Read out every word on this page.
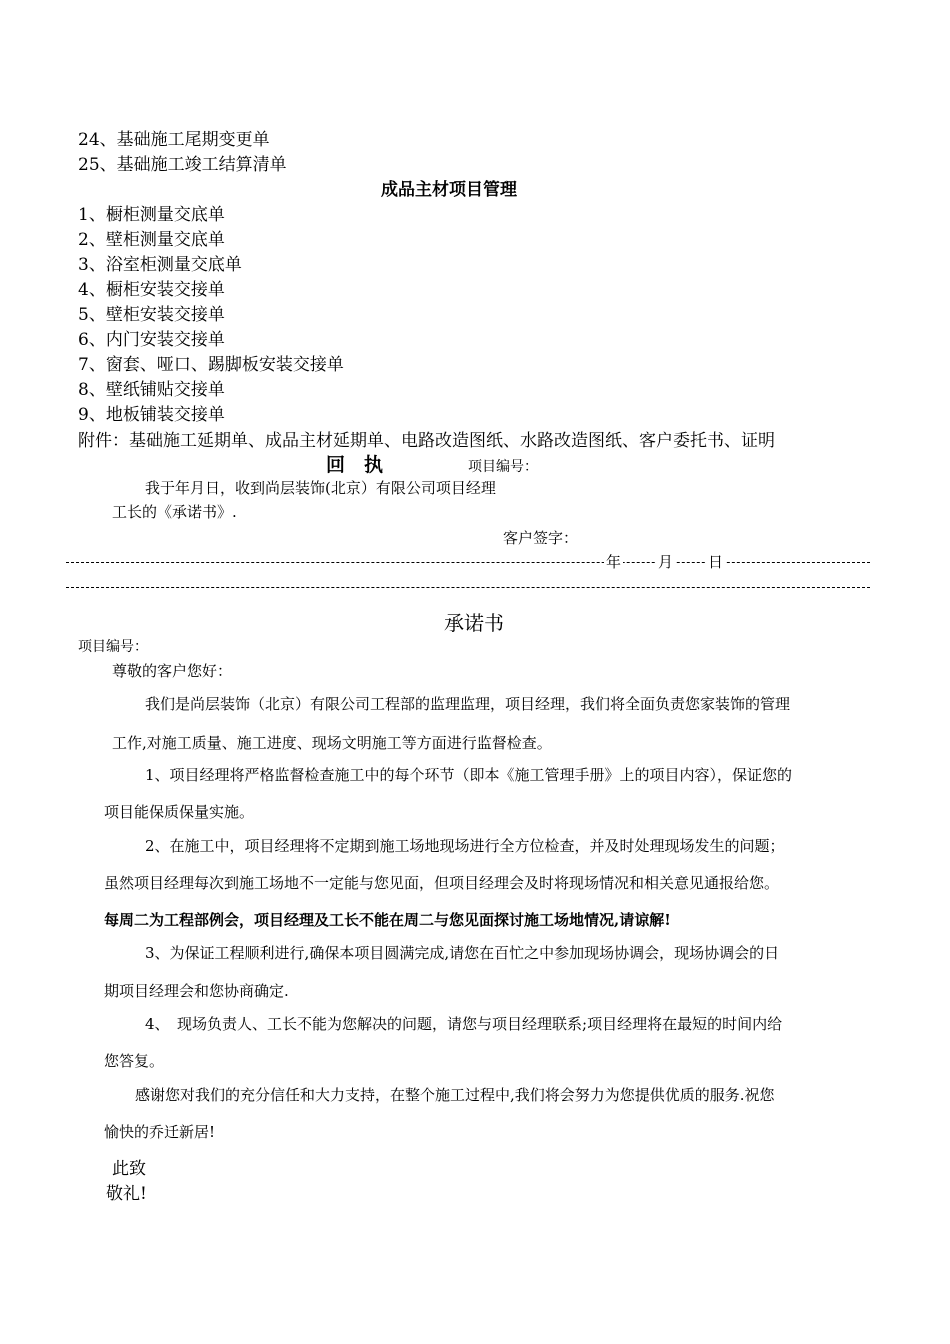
24、基础施工尾期变更单
25、基础施工竣工结算清单
成品主材项目管理
1、橱柜测量交底单
2、壁柜测量交底单
3、浴室柜测量交底单
4、橱柜安装交接单
5、壁柜安装交接单
6、内门安装交接单
7、窗套、哑口、踢脚板安装交接单
8、壁纸铺贴交接单
9、地板铺装交接单
附件：基础施工延期单、成品主材延期单、电路改造图纸、水路改造图纸、客户委托书、证明
回　执	项目编号：
我于年月日，收到尚层装饰(北京）有限公司项目经理
工长的《承诺书》.
客户签字：
年 月 日
承诺书
项目编号：
尊敬的客户您好：
我们是尚层装饰（北京）有限公司工程部的监理监理，项目经理，我们将全面负责您家装饰的管理
工作,对施工质量、施工进度、现场文明施工等方面进行监督检查。
1、项目经理将严格监督检查施工中的每个环节（即本《施工管理手册》上的项目内容），保证您的
项目能保质保量实施。
2、在施工中，项目经理将不定期到施工场地现场进行全方位检查，并及时处理现场发生的问题；
虽然项目经理每次到施工场地不一定能与您见面，但项目经理会及时将现场情况和相关意见通报给您。
每周二为工程部例会，项目经理及工长不能在周二与您见面探讨施工场地情况,请谅解!
3、为保证工程顺利进行,确保本项目圆满完成,请您在百忙之中参加现场协调会，现场协调会的日
期项目经理会和您协商确定.
4、　现场负责人、工长不能为您解决的问题，请您与项目经理联系;项目经理将在最短的时间内给
您答复。
感谢您对我们的充分信任和大力支持，在整个施工过程中,我们将会努力为您提供优质的服务.祝您
愉快的乔迁新居!
此致
敬礼!
